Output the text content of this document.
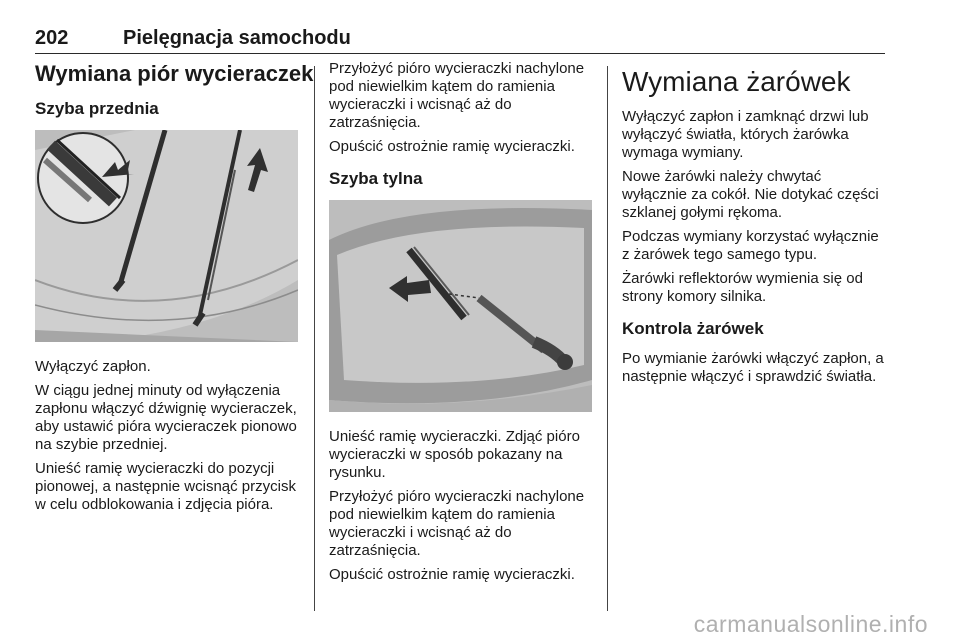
202	Pielęgnacja samochodu
Wymiana piór wycieraczek
Szyba przednia

Wyłączyć zapłon.

W ciągu jednej minuty od wyłączenia zapłonu włączyć dźwignię wycieraczek, aby ustawić pióra wycieraczek pionowo na szybie przedniej.

Unieść ramię wycieraczki do pozycji pionowej, a następnie wcisnąć przycisk w celu odblokowania i zdjęcia pióra.

Przyłożyć pióro wycieraczki nachylone pod niewielkim kątem do ramienia wycieraczki i wcisnąć aż do zatrzaśnięcia.

Opuścić ostrożnie ramię wycieraczki.

Szyba tylna

Unieść ramię wycieraczki. Zdjąć pióro wycieraczki w sposób pokazany na rysunku.

Przyłożyć pióro wycieraczki nachylone pod niewielkim kątem do ramienia wycieraczki i wcisnąć aż do zatrzaśnięcia.

Opuścić ostrożnie ramię wycieraczki.

Wymiana żarówek

Wyłączyć zapłon i zamknąć drzwi lub wyłączyć światła, których żarówka wymaga wymiany.

Nowe żarówki należy chwytać wyłącznie za cokół. Nie dotykać części szklanej gołymi rękoma.

Podczas wymiany korzystać wyłącznie z żarówek tego samego typu.

Żarówki reflektorów wymienia się od strony komory silnika.

Kontrola żarówek

Po wymianie żarówki włączyć zapłon, a następnie włączyć i sprawdzić światła.

carmanualsonline.info
